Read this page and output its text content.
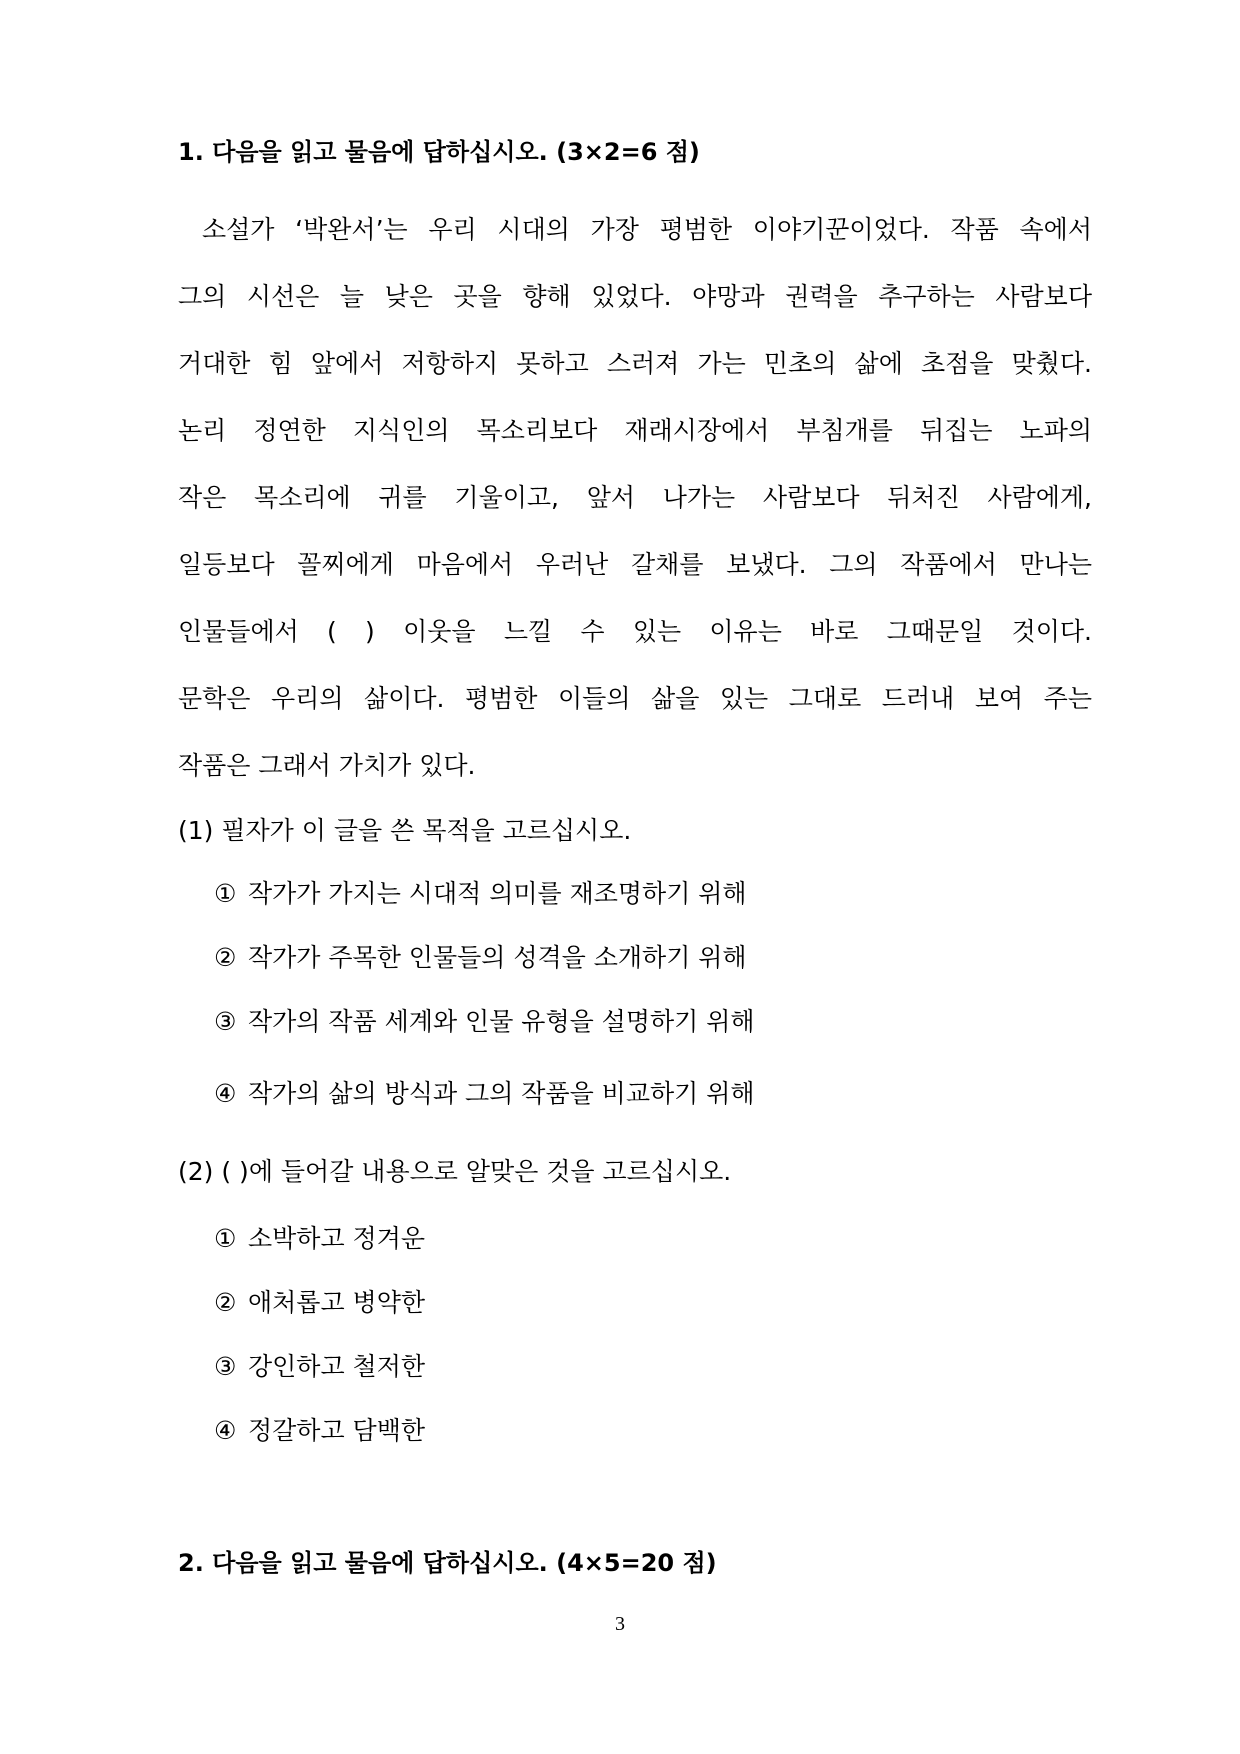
1. 다음을 읽고 물음에 답하십시오. (3×2=6 점)
소설가 ‘박완서’는 우리 시대의 가장 평범한 이야기꾼이었다. 작품 속에서
그의 시선은 늘 낮은 곳을 향해 있었다. 야망과 권력을 추구하는 사람보다
거대한 힘 앞에서 저항하지 못하고 스러져 가는 민초의 삶에 초점을 맞췄다.
논리 정연한 지식인의 목소리보다 재래시장에서 부침개를 뒤집는 노파의
작은 목소리에 귀를 기울이고, 앞서 나가는 사람보다 뒤처진 사람에게,
일등보다 꼴찌에게 마음에서 우러난 갈채를 보냈다. 그의 작품에서 만나는
인물들에서 ( ) 이웃을 느낄 수 있는 이유는 바로 그때문일 것이다.
문학은 우리의 삶이다. 평범한 이들의 삶을 있는 그대로 드러내 보여 주는
작품은 그래서 가치가 있다.
(1) 필자가 이 글을 쓴 목적을 고르십시오.
① 작가가 가지는 시대적 의미를 재조명하기 위해
② 작가가 주목한 인물들의 성격을 소개하기 위해
③ 작가의 작품 세계와 인물 유형을 설명하기 위해
④ 작가의 삶의 방식과 그의 작품을 비교하기 위해
(2) ( )에 들어갈 내용으로 알맞은 것을 고르십시오.
① 소박하고 정겨운
② 애처롭고 병약한
③ 강인하고 철저한
④ 정갈하고 담백한
2. 다음을 읽고 물음에 답하십시오. (4×5=20 점)
3
